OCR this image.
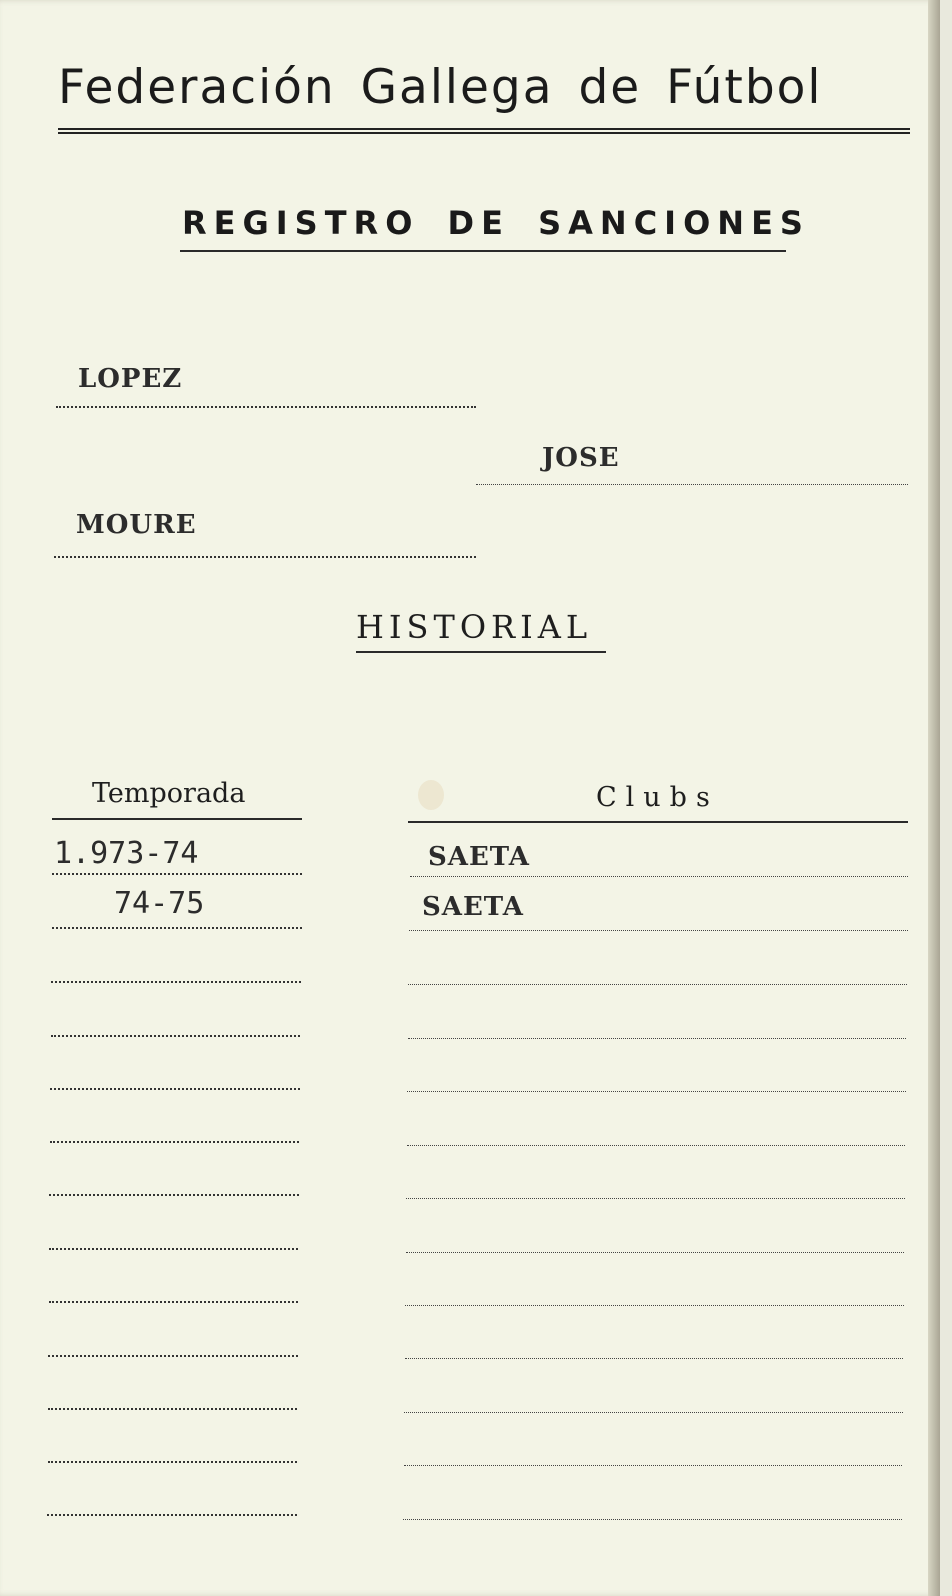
Federación Gallega de Fútbol
REGISTRO DE SANCIONES
LOPEZ
JOSE
MOURE
HISTORIAL
Temporada	Clubs
1.973-74	SAETA
74-75	SAETA
